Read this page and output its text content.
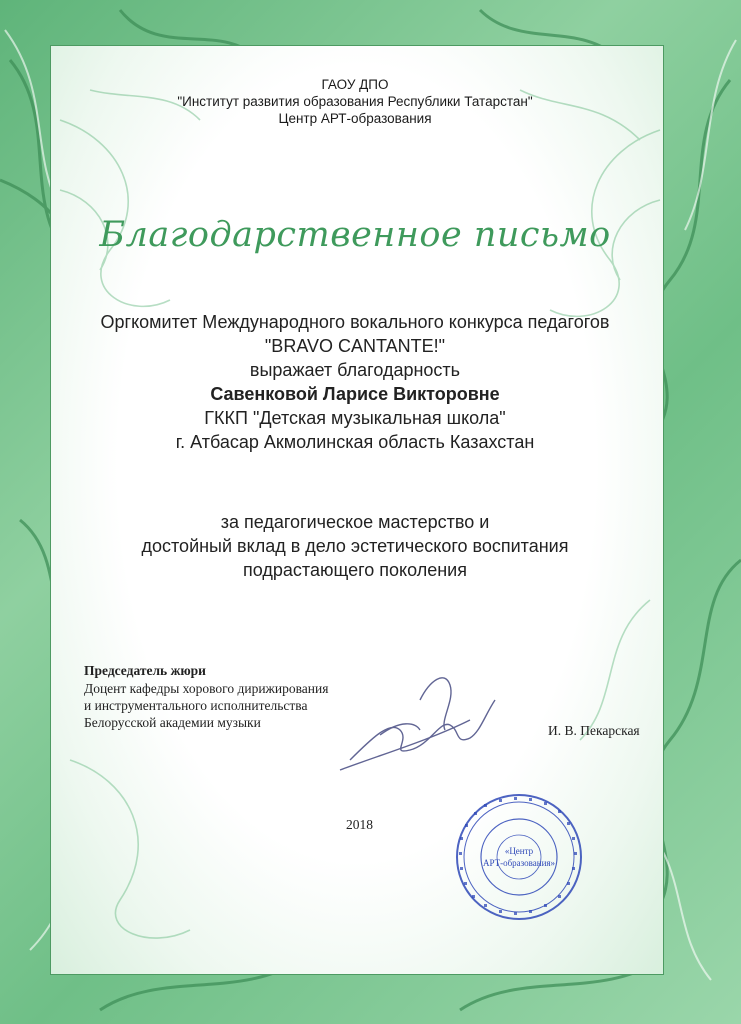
ГАОУ ДПО
"Институт развития образования Республики Татарстан"
Центр АРТ-образования
Благодарственное письмо
Оргкомитет Международного вокального конкурса педагогов
"BRAVO CANTANTE!"
выражает благодарность
Савенковой Ларисе Викторовне
ГККП "Детская музыкальная школа"
г. Атбасар Акмолинская область Казахстан
за педагогическое мастерство и
достойный вклад в дело эстетического воспитания
подрастающего поколения
Председатель жюри
Доцент кафедры хорового дирижирования
и инструментального исполнительства
Белорусской академии музыки
И. В. Пекарская
2018
«Центр
АРТ-образования»
